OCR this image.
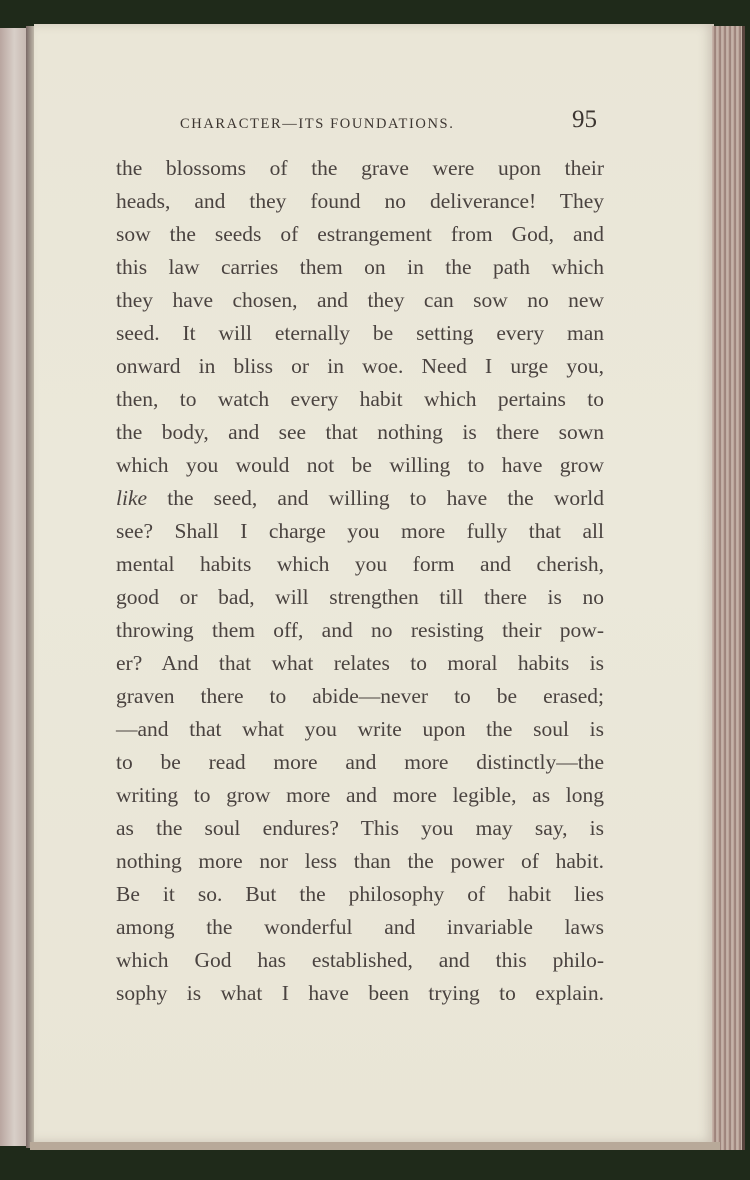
CHARACTER—ITS FOUNDATIONS.	95
the blossoms of the grave were upon their
heads, and they found no deliverance! They
sow the seeds of estrangement from God, and
this law carries them on in the path which
they have chosen, and they can sow no new
seed. It will eternally be setting every man
onward in bliss or in woe. Need I urge you,
then, to watch every habit which pertains to
the body, and see that nothing is there sown
which you would not be willing to have grow
like the seed, and willing to have the world
see? Shall I charge you more fully that all
mental habits which you form and cherish,
good or bad, will strengthen till there is no
throwing them off, and no resisting their pow-
er? And that what relates to moral habits is
graven there to abide—never to be erased;
—and that what you write upon the soul is
to be read more and more distinctly—the
writing to grow more and more legible, as long
as the soul endures? This you may say, is
nothing more nor less than the power of habit.
Be it so. But the philosophy of habit lies
among the wonderful and invariable laws
which God has established, and this philo-
sophy is what I have been trying to explain.
